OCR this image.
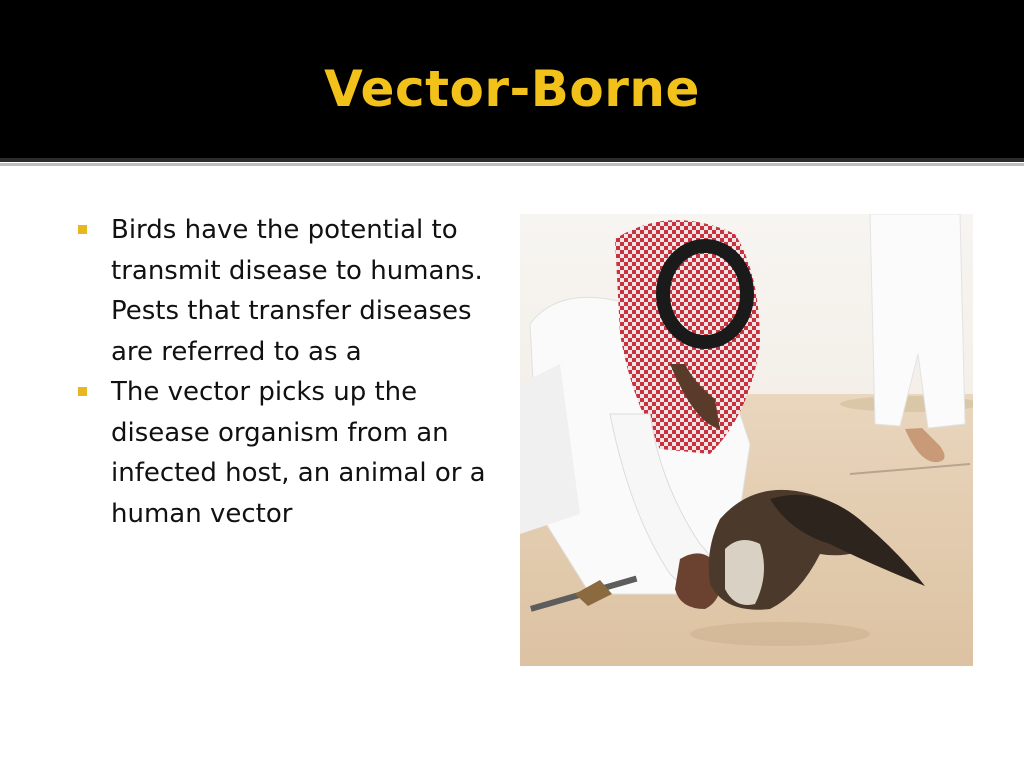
Vector-Borne
Birds have the potential to transmit disease to humans. Pests that transfer diseases are referred to as a
The vector picks up the disease organism from an infected host, an animal or a human vector
